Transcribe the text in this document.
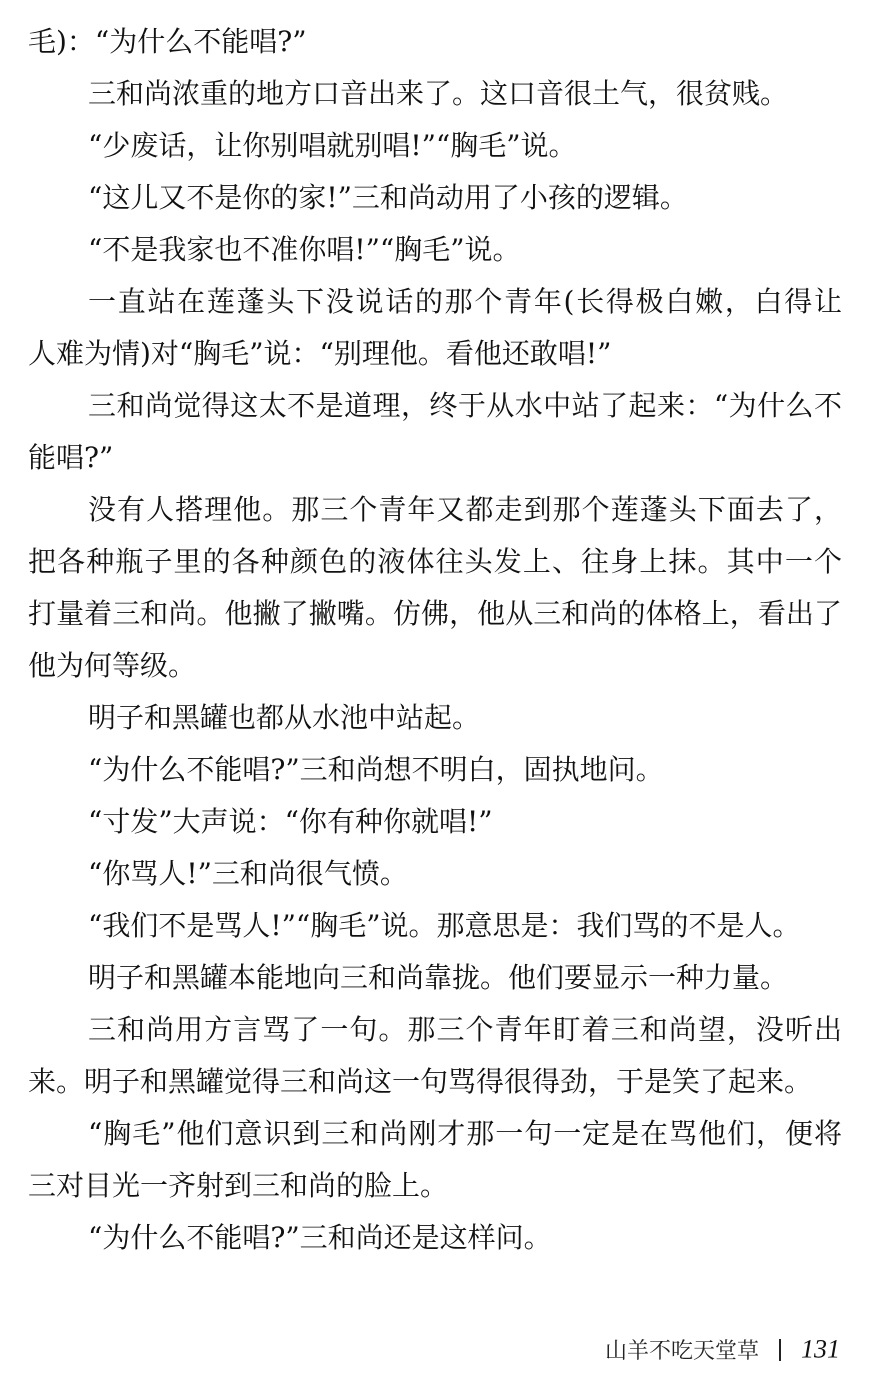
毛)：“为什么不能唱?”
三和尚浓重的地方口音出来了。这口音很土气，很贫贱。
“少废话，让你别唱就别唱!”“胸毛”说。
“这儿又不是你的家!”三和尚动用了小孩的逻辑。
“不是我家也不准你唱!”“胸毛”说。
一直站在莲蓬头下没说话的那个青年(长得极白嫩，白得让
人难为情)对“胸毛”说：“别理他。看他还敢唱!”
三和尚觉得这太不是道理，终于从水中站了起来：“为什么不
能唱?”
没有人搭理他。那三个青年又都走到那个莲蓬头下面去了，
把各种瓶子里的各种颜色的液体往头发上、往身上抹。其中一个
打量着三和尚。他撇了撇嘴。仿佛，他从三和尚的体格上，看出了
他为何等级。
明子和黑罐也都从水池中站起。
“为什么不能唱?”三和尚想不明白，固执地问。
“寸发”大声说：“你有种你就唱!”
“你骂人!”三和尚很气愤。
“我们不是骂人!”“胸毛”说。那意思是：我们骂的不是人。
明子和黑罐本能地向三和尚靠拢。他们要显示一种力量。
三和尚用方言骂了一句。那三个青年盯着三和尚望，没听出
来。明子和黑罐觉得三和尚这一句骂得很得劲，于是笑了起来。
“胸毛”他们意识到三和尚刚才那一句一定是在骂他们，便将
三对目光一齐射到三和尚的脸上。
“为什么不能唱?”三和尚还是这样问。
山羊不吃天堂草 131
